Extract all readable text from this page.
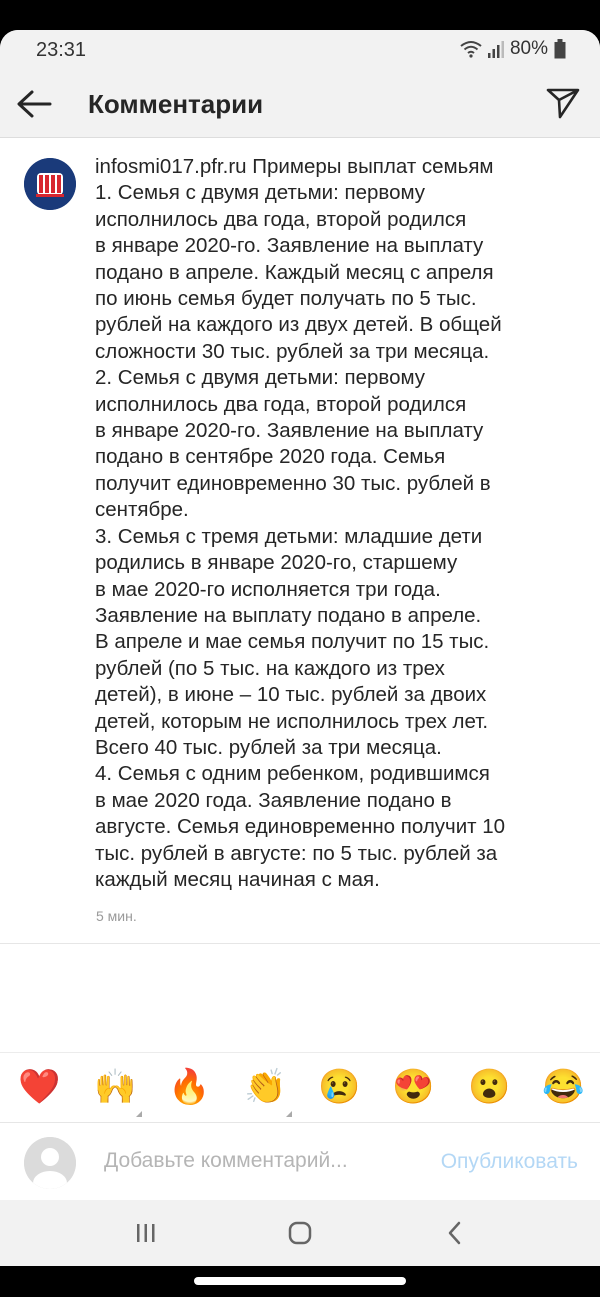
23:31	80%
Комментарии
infosmi017.pfr.ru Примеры выплат семьям
1. Семья с двумя детьми: первому
исполнилось два года, второй родился
в январе 2020-го. Заявление на выплату
подано в апреле. Каждый месяц с апреля
по июнь семья будет получать по 5 тыс.
рублей на каждого из двух детей. В общей
сложности 30 тыс. рублей за три месяца.
2. Семья с двумя детьми: первому
исполнилось два года, второй родился
в январе 2020-го. Заявление на выплату
подано в сентябре 2020 года. Семья
получит единовременно 30 тыс. рублей в
сентябре.
3. Семья с тремя детьми: младшие дети
родились в январе 2020-го, старшему
в мае 2020-го исполняется три года.
Заявление на выплату подано в апреле.
В апреле и мае семья получит по 15 тыс.
рублей (по 5 тыс. на каждого из трех
детей), в июне – 10 тыс. рублей за двоих
детей, которым не исполнилось трех лет.
Всего 40 тыс. рублей за три месяца.
4. Семья с одним ребенком, родившимся
в мае 2020 года. Заявление подано в
августе. Семья единовременно получит 10
тыс. рублей в августе: по 5 тыс. рублей за
каждый месяц начиная с мая.
5 мин.
❤️ 🙌 🔥 👏 😢 😍 😮 😂
Добавьте комментарий...
Опубликовать
